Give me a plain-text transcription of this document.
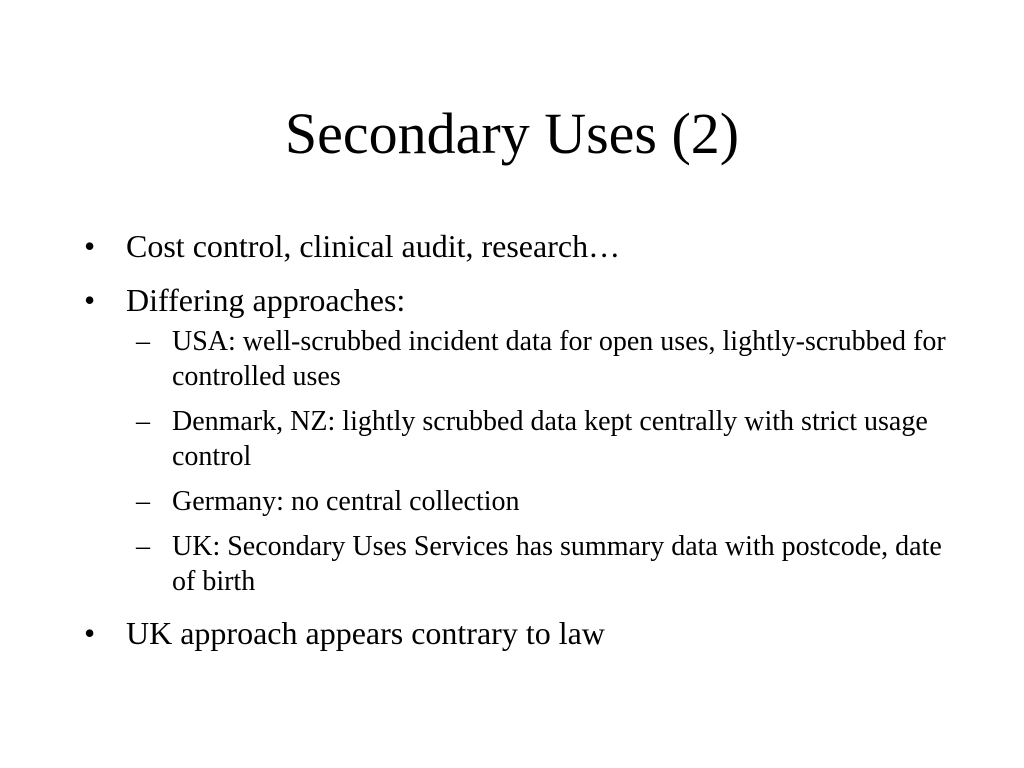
Secondary Uses (2)
• Cost control, clinical audit, research…
• Differing approaches:
– USA: well-scrubbed incident data for open uses, lightly-scrubbed for controlled uses
– Denmark, NZ: lightly scrubbed data kept centrally with strict usage control
– Germany: no central collection
– UK: Secondary Uses Services has summary data with postcode, date of birth
• UK approach appears contrary to law
